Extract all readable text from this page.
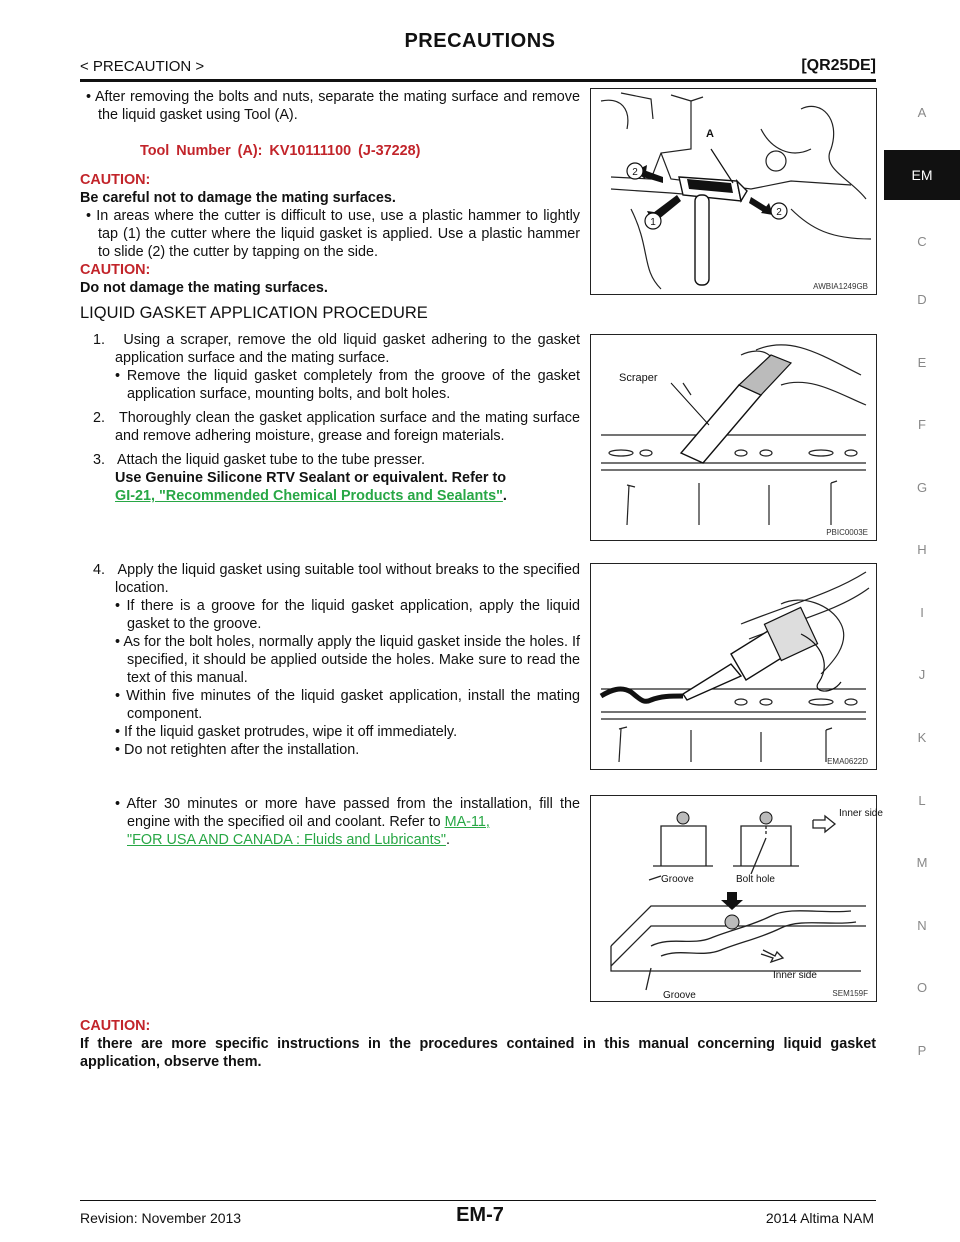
PRECAUTIONS
< PRECAUTION >	[QR25DE]

• After removing the bolts and nuts, separate the mating surface and remove the liquid gasket using Tool (A).

Tool Number (A): KV10111100 (J-37228)

CAUTION:

Be careful not to damage the mating surfaces.

• In areas where the cutter is difficult to use, use a plastic hammer to lightly tap (1) the cutter where the liquid gasket is applied. Use a plastic hammer to slide (2) the cutter by tapping on the side.

CAUTION:

Do not damage the mating surfaces.

LIQUID GASKET APPLICATION PROCEDURE

1.   Using a scraper, remove the old liquid gasket adhering to the gasket application surface and the mating surface.

• Remove the liquid gasket completely from the groove of the gasket application surface, mounting bolts, and bolt holes.

2.   Thoroughly clean the gasket application surface and the mating surface and remove adhering moisture, grease and foreign materials.

3.   Attach the liquid gasket tube to the tube presser.

Use Genuine Silicone RTV Sealant or equivalent. Refer to
GI-21, "Recommended Chemical Products and Sealants".

4.   Apply the liquid gasket using suitable tool without breaks to the specified location.

• If there is a groove for the liquid gasket application, apply the liquid gasket to the groove.

• As for the bolt holes, normally apply the liquid gasket inside the holes. If specified, it should be applied outside the holes. Make sure to read the text of this manual.

• Within five minutes of the liquid gasket application, install the mating component.

• If the liquid gasket protrudes, wipe it off immediately.

• Do not retighten after the installation.

• After 30 minutes or more have passed from the installation, fill the engine with the specified oil and coolant. Refer to MA-11,
"FOR USA AND CANADA : Fluids and Lubricants".

CAUTION:

If there are more specific instructions in the procedures contained in this manual concerning liquid gasket application, observe them.

A
2
1
2
AWBIA1249GB
Scraper
PBIC0003E
EMA0622D
Inner side
Groove	Bolt hole
Inner side
Groove	SEM159F
A
EM
C
D
E
F
G
H
I
J
K
L
M
N
O
P
Revision: November 2013	EM-7	2014 Altima NAM
